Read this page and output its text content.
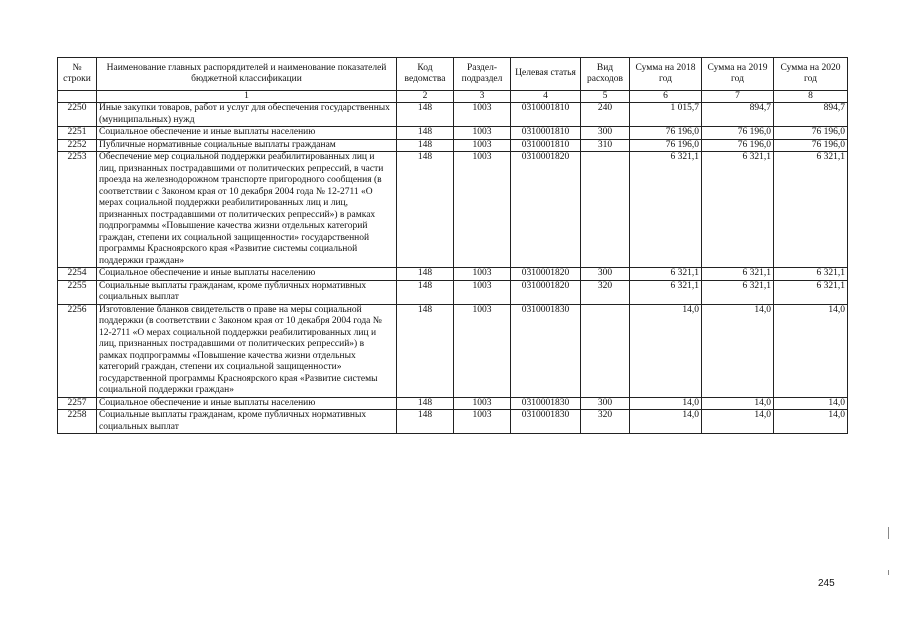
№ строки	Наименование главных распорядителей и наименование показателей бюджетной классификации	Код ведомства	Раздел-подраздел	Целевая статья	Вид расходов	Сумма на 2018 год	Сумма на 2019 год	Сумма на 2020 год
	1	2	3	4	5	6	7	8
2250	Иные закупки товаров, работ и услуг для обеспечения государственных (муниципальных) нужд	148	1003	0310001810	240	1 015,7	894,7	894,7
2251	Социальное обеспечение и иные выплаты населению	148	1003	0310001810	300	76 196,0	76 196,0	76 196,0
2252	Публичные нормативные социальные выплаты гражданам	148	1003	0310001810	310	76 196,0	76 196,0	76 196,0
2253	Обеспечение мер социальной поддержки реабилитированных лиц и лиц, признанных пострадавшими от политических репрессий, в части проезда на железнодорожном транспорте пригородного сообщения (в соответствии с Законом края от 10 декабря 2004 года № 12-2711 «О мерах социальной поддержки реабилитированных лиц и лиц, признанных пострадавшими от политических репрессий») в рамках подпрограммы «Повышение качества жизни отдельных категорий граждан, степени их социальной защищенности» государственной программы Красноярского края «Развитие системы социальной поддержки граждан»	148	1003	0310001820		6 321,1	6 321,1	6 321,1
2254	Социальное обеспечение и иные выплаты населению	148	1003	0310001820	300	6 321,1	6 321,1	6 321,1
2255	Социальные выплаты гражданам, кроме публичных нормативных социальных выплат	148	1003	0310001820	320	6 321,1	6 321,1	6 321,1
2256	Изготовление бланков свидетельств о праве на меры социальной поддержки (в соответствии с Законом края от 10 декабря 2004 года № 12-2711 «О мерах социальной поддержки реабилитированных лиц и лиц, признанных пострадавшими от политических репрессий») в рамках подпрограммы «Повышение качества жизни отдельных категорий граждан, степени их социальной защищенности» государственной программы Красноярского края «Развитие системы социальной поддержки граждан»	148	1003	0310001830		14,0	14,0	14,0
2257	Социальное обеспечение и иные выплаты населению	148	1003	0310001830	300	14,0	14,0	14,0
2258	Социальные выплаты гражданам, кроме публичных нормативных социальных выплат	148	1003	0310001830	320	14,0	14,0	14,0
245
